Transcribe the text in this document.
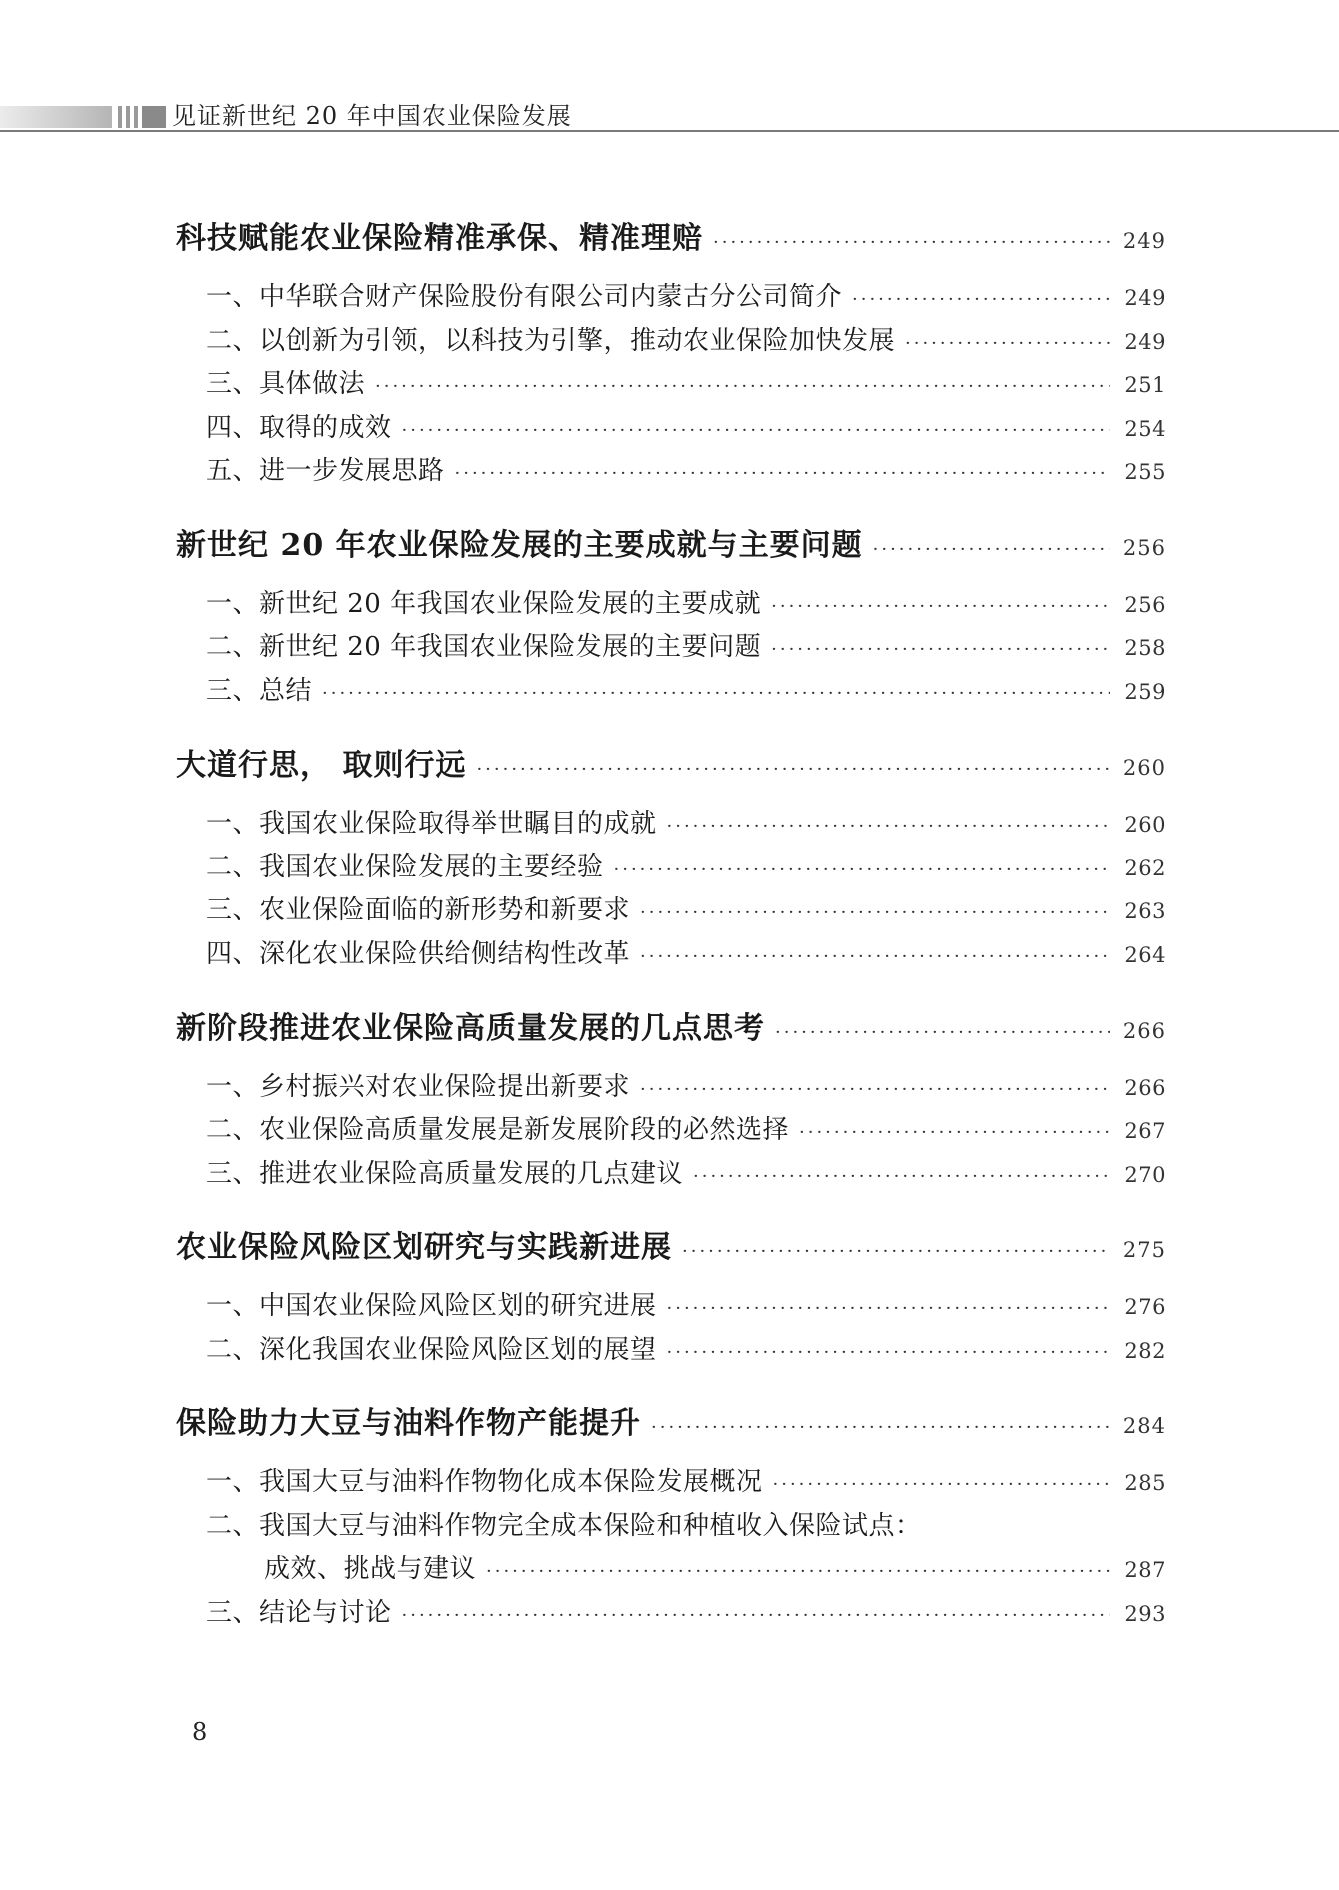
见证新世纪 20 年中国农业保险发展
科技赋能农业保险精准承保、精准理赔 ·····	249
一、中华联合财产保险股份有限公司内蒙古分公司简介 ·····	249
二、以创新为引领，以科技为引擎，推动农业保险加快发展 ·····	249
三、具体做法 ·····	251
四、取得的成效 ·····	254
五、进一步发展思路 ·····	255
新世纪 20 年农业保险发展的主要成就与主要问题 ·····	256
一、新世纪 20 年我国农业保险发展的主要成就 ·····	256
二、新世纪 20 年我国农业保险发展的主要问题 ·····	258
三、总结 ·····	259
大道行思， 取则行远 ·····	260
一、我国农业保险取得举世瞩目的成就 ·····	260
二、我国农业保险发展的主要经验 ·····	262
三、农业保险面临的新形势和新要求 ·····	263
四、深化农业保险供给侧结构性改革 ·····	264
新阶段推进农业保险高质量发展的几点思考 ·····	266
一、乡村振兴对农业保险提出新要求 ·····	266
二、农业保险高质量发展是新发展阶段的必然选择 ·····	267
三、推进农业保险高质量发展的几点建议 ·····	270
农业保险风险区划研究与实践新进展 ·····	275
一、中国农业保险风险区划的研究进展 ·····	276
二、深化我国农业保险风险区划的展望 ·····	282
保险助力大豆与油料作物产能提升 ·····	284
一、我国大豆与油料作物物化成本保险发展概况 ·····	285
二、我国大豆与油料作物完全成本保险和种植收入保险试点：
成效、挑战与建议 ·····	287
三、结论与讨论 ·····	293
8
